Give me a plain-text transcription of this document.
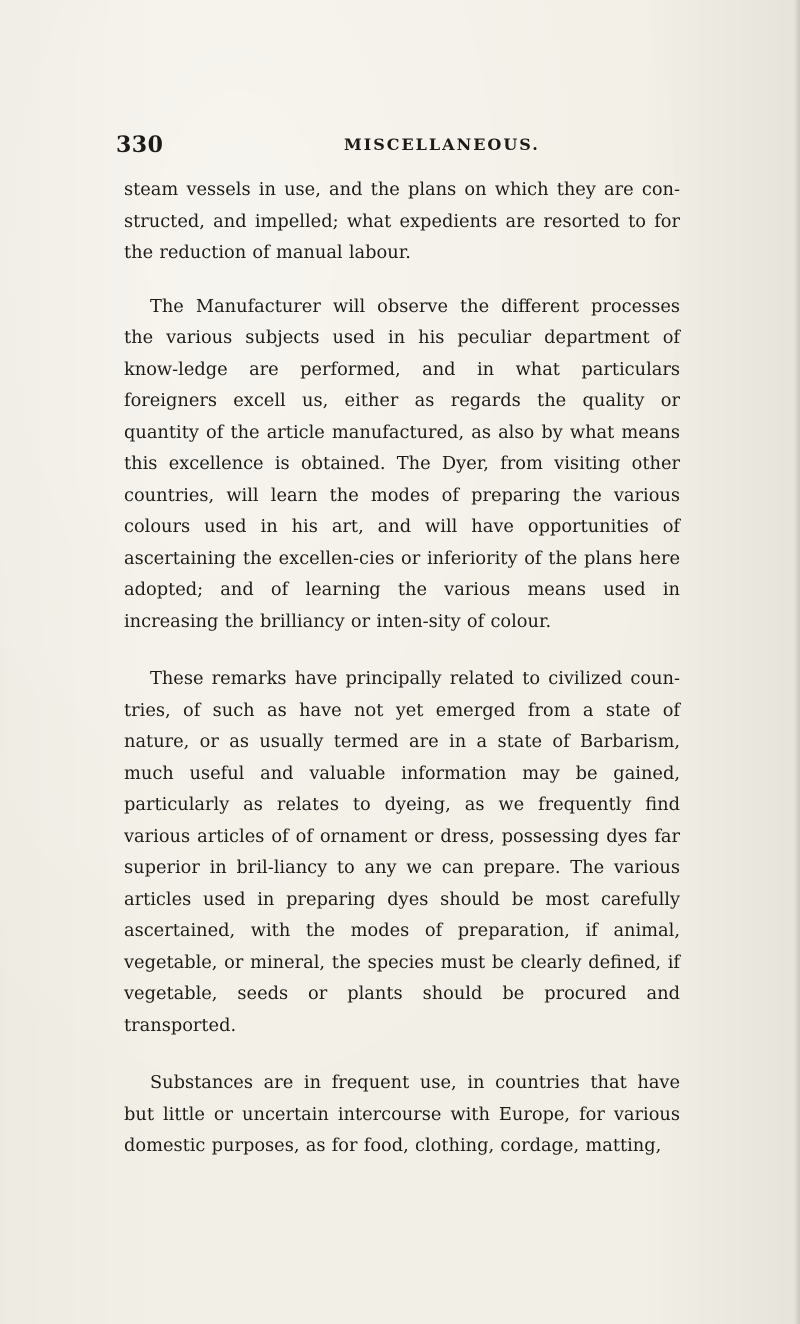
330	MISCELLANEOUS.

steam vessels in use, and the plans on which they are con-structed, and impelled; what expedients are resorted to for the reduction of manual labour.

The Manufacturer will observe the different processes the various subjects used in his peculiar department of know-ledge are performed, and in what particulars foreigners excell us, either as regards the quality or quantity of the article manufactured, as also by what means this excellence is obtained. The Dyer, from visiting other countries, will learn the modes of preparing the various colours used in his art, and will have opportunities of ascertaining the excellen-cies or inferiority of the plans here adopted; and of learning the various means used in increasing the brilliancy or inten-sity of colour.

These remarks have principally related to civilized coun-tries, of such as have not yet emerged from a state of nature, or as usually termed are in a state of Barbarism, much useful and valuable information may be gained, particularly as relates to dyeing, as we frequently find various articles of of ornament or dress, possessing dyes far superior in bril-liancy to any we can prepare. The various articles used in preparing dyes should be most carefully ascertained, with the modes of preparation, if animal, vegetable, or mineral, the species must be clearly defined, if vegetable, seeds or plants should be procured and transported.

Substances are in frequent use, in countries that have but little or uncertain intercourse with Europe, for various domestic purposes, as for food, clothing, cordage, matting,
